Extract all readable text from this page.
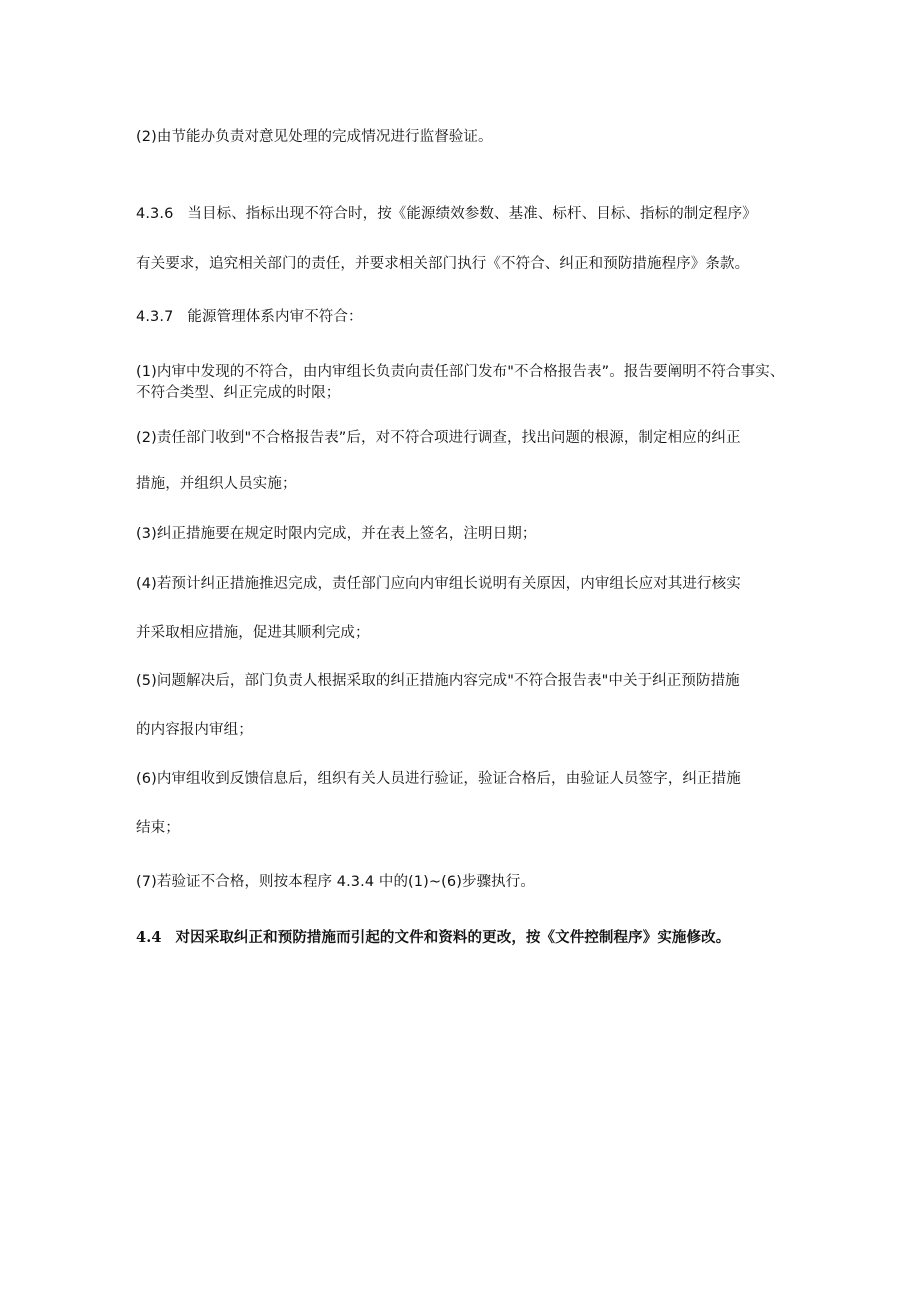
(2)由节能办负责对意见处理的完成情况进行监督验证。
4.3.6 当目标、指标出现不符合时，按《能源绩效参数、基准、标杆、目标、指标的制定程序》
有关要求，追究相关部门的责任，并要求相关部门执行《不符合、纠正和预防措施程序》条款。
4.3.7 能源管理体系内审不符合：
(1)内审中发现的不符合，由内审组长负责向责任部门发布"不合格报告表”。报告要阐明不符合事实、不符合类型、纠正完成的时限；
(2)责任部门收到"不合格报告表”后，对不符合项进行调查，找出问题的根源，制定相应的纠正
措施，并组织人员实施；
(3)纠正措施要在规定时限内完成，并在表上签名，注明日期；
(4)若预计纠正措施推迟完成，责任部门应向内审组长说明有关原因，内审组长应对其进行核实
并采取相应措施，促进其顺利完成；
(5)问题解决后，部门负责人根据采取的纠正措施内容完成"不符合报告表"中关于纠正预防措施
的内容报内审组；
(6)内审组收到反馈信息后，组织有关人员进行验证，验证合格后，由验证人员签字，纠正措施
结束；
(7)若验证不合格，则按本程序 4.3.4 中的(1)~(6)步骤执行。
4.4 对因采取纠正和预防措施而引起的文件和资料的更改，按《文件控制程序》实施修改。
